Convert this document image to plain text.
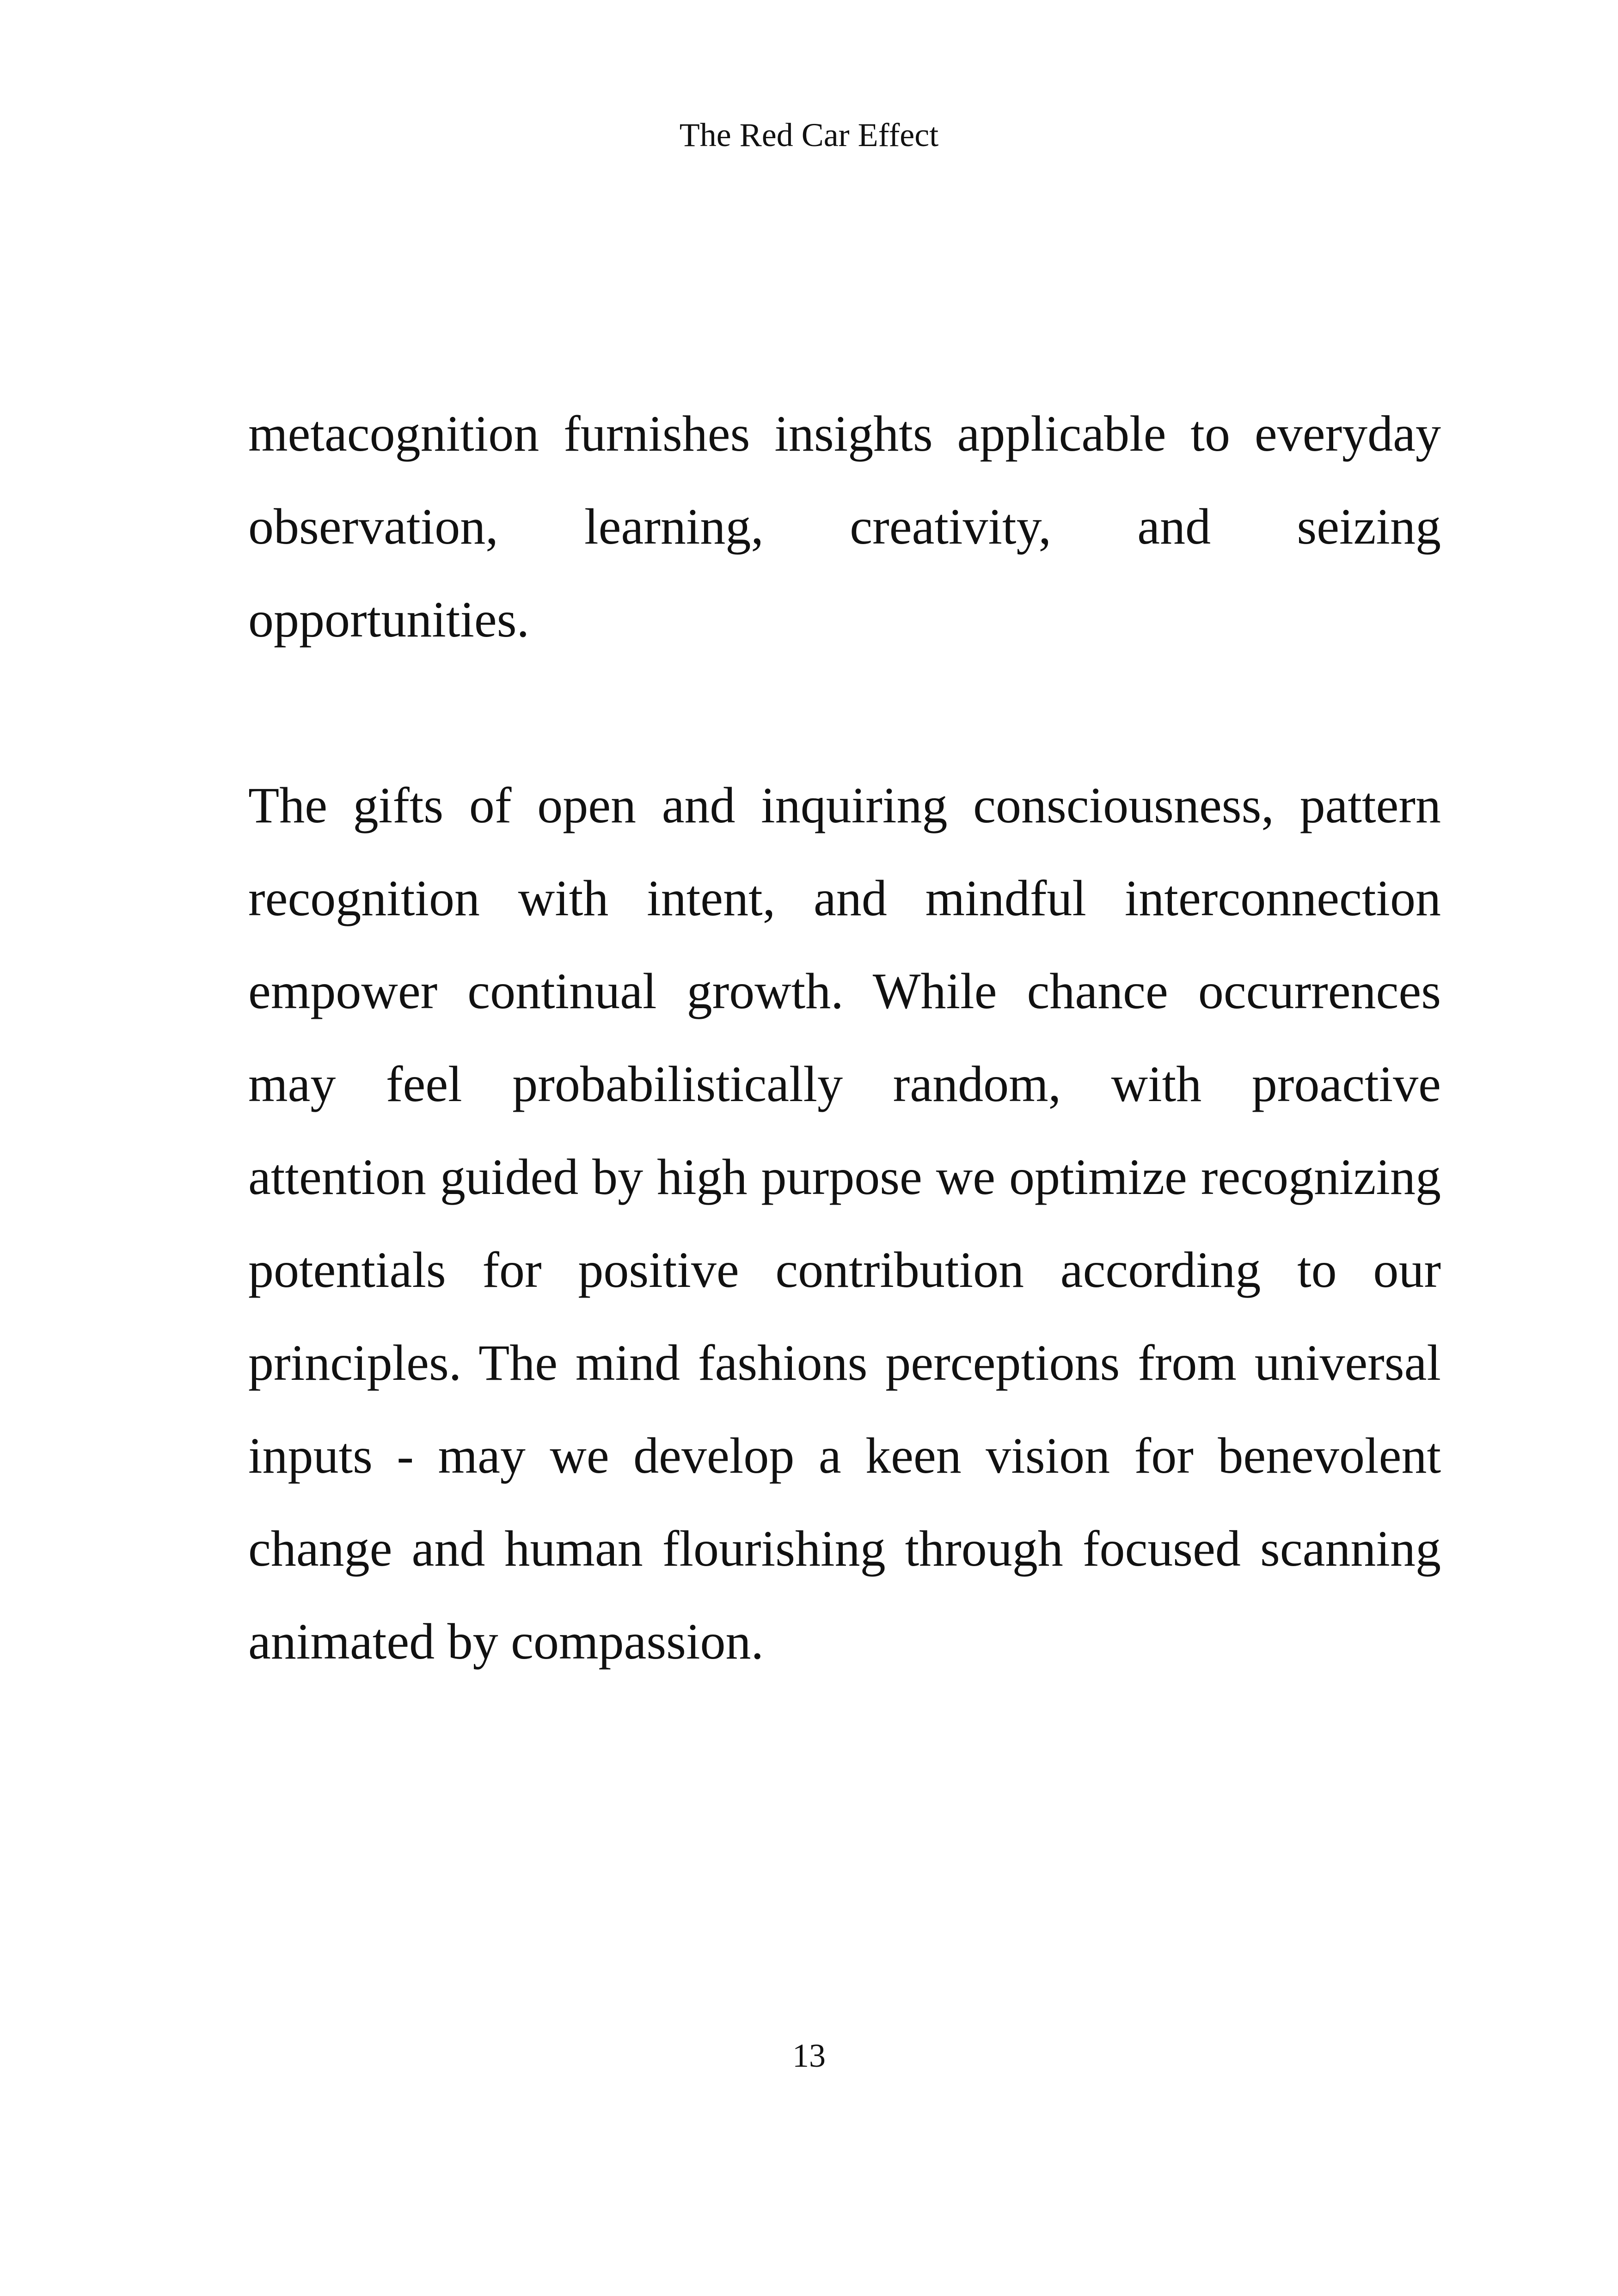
The Red Car Effect

metacognition furnishes insights applicable to everyday observation, learning, creativity, and seizing opportunities.

The gifts of open and inquiring consciousness, pattern recognition with intent, and mindful interconnection empower continual growth. While chance occurrences may feel probabilistically random, with proactive attention guided by high purpose we optimize recognizing potentials for positive contribution according to our principles. The mind fashions perceptions from universal inputs - may we develop a keen vision for benevolent change and human flourishing through focused scanning animated by compassion.

13
